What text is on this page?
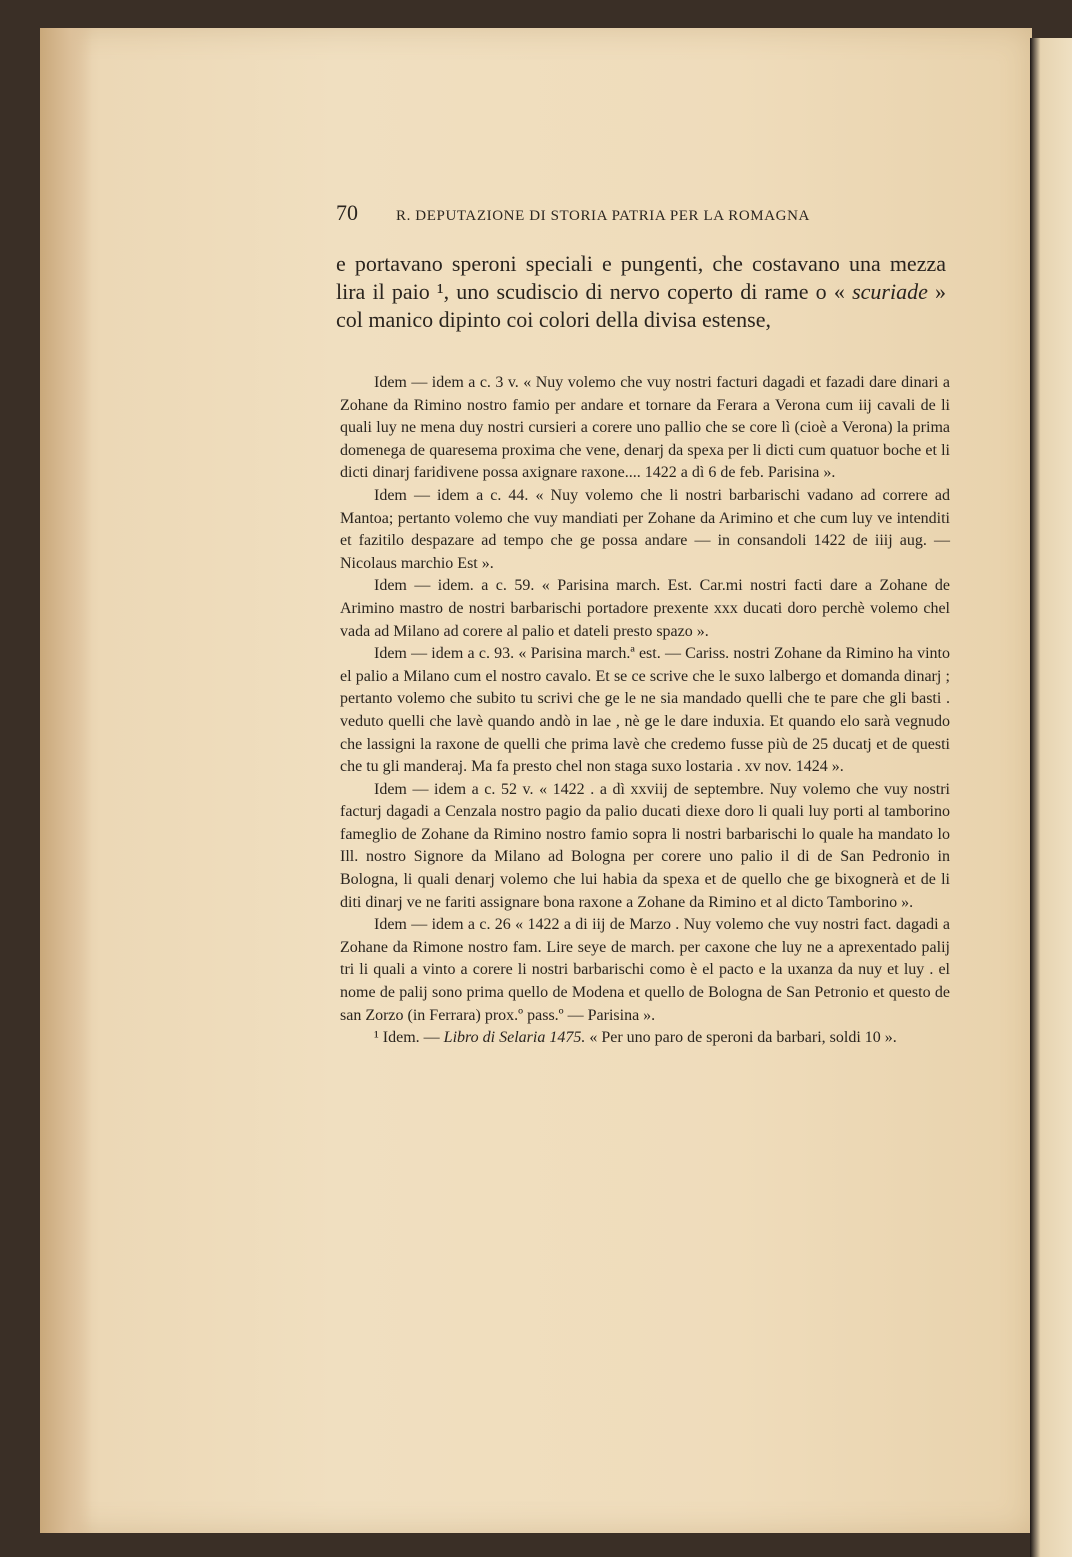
70	R. DEPUTAZIONE DI STORIA PATRIA PER LA ROMAGNA

e portavano speroni speciali e pungenti, che costavano una mezza lira il paio ¹, uno scudiscio di nervo coperto di rame o « scuriade » col manico dipinto coi colori della divisa estense,

Idem — idem a c. 3 v. « Nuy volemo che vuy nostri facturi dagadi et fazadi dare dinari a Zohane da Rimino nostro famio per andare et tornare da Ferara a Verona cum iij cavali de li quali luy ne mena duy nostri cursieri a corere uno pallio che se core lì (cioè a Verona) la prima domenega de quaresema proxima che vene, denarj da spexa per li dicti cum quatuor boche et li dicti dinarj faridivene possa axignare raxone.... 1422 a dì 6 de feb. Parisina ».

Idem — idem a c. 44. « Nuy volemo che li nostri barbarischi vadano ad correre ad Mantoa; pertanto volemo che vuy mandiati per Zohane da Arimino et che cum luy ve intenditi et fazitilo despazare ad tempo che ge possa andare — in consandoli 1422 de iiij aug. — Nicolaus marchio Est ».

Idem — idem. a c. 59. « Parisina march. Est. Car.mi nostri facti dare a Zohane de Arimino mastro de nostri barbarischi portadore prexente xxx ducati doro perchè volemo chel vada ad Milano ad corere al palio et dateli presto spazo ».

Idem — idem a c. 93. « Parisina march.ª est. — Cariss. nostri Zohane da Rimino ha vinto el palio a Milano cum el nostro cavalo. Et se ce scrive che le suxo lalbergo et domanda dinarj ; pertanto volemo che subito tu scrivi che ge le ne sia mandado quelli che te pare che gli basti . veduto quelli che lavè quando andò in lae , nè ge le dare induxia. Et quando elo sarà vegnudo che lassigni la raxone de quelli che prima lavè che credemo fusse più de 25 ducatj et de questi che tu gli manderaj. Ma fa presto chel non staga suxo lostaria . xv nov. 1424 ».

Idem — idem a c. 52 v. « 1422 . a dì xxviij de septembre. Nuy volemo che vuy nostri facturj dagadi a Cenzala nostro pagio da palio ducati diexe doro li quali luy porti al tamborino fameglio de Zohane da Rimino nostro famio sopra li nostri barbarischi lo quale ha mandato lo Ill. nostro Signore da Milano ad Bologna per corere uno palio il di de San Pedronio in Bologna, li quali denarj volemo che lui habia da spexa et de quello che ge bixognerà et de li diti dinarj ve ne fariti assignare bona raxone a Zohane da Rimino et al dicto Tamborino ».

Idem — idem a c. 26 « 1422 a di iij de Marzo . Nuy volemo che vuy nostri fact. dagadi a Zohane da Rimone nostro fam. Lire seye de march. per caxone che luy ne a aprexentado palij tri li quali a vinto a corere li nostri barbarischi como è el pacto e la uxanza da nuy et luy . el nome de palij sono prima quello de Modena et quello de Bologna de San Petronio et questo de san Zorzo (in Ferrara) prox.º pass.º — Parisina ».

¹ Idem. — Libro di Selaria 1475. « Per uno paro de speroni da barbari, soldi 10 ».
